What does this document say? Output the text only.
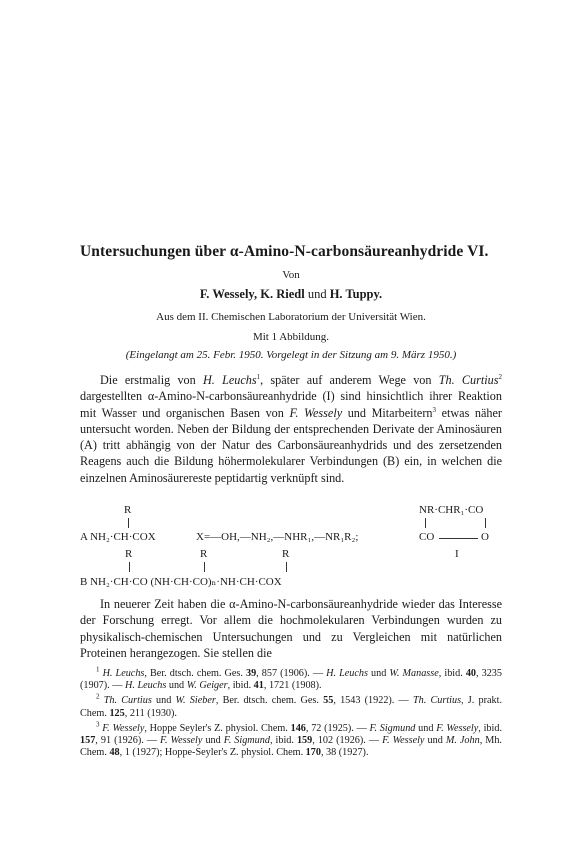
Untersuchungen über α-Amino-N-carbonsäureanhydride VI.
Von
F. Wessely, K. Riedl und H. Tuppy.
Aus dem II. Chemischen Laboratorium der Universität Wien.
Mit 1 Abbildung.
(Eingelangt am 25. Febr. 1950. Vorgelegt in der Sitzung am 9. März 1950.)

Die erstmalig von H. Leuchs$^1$, später auf anderem Wege von Th. Curtius$^2$ dargestellten α-Amino-N-carbonsäureanhydride (I) sind hinsichtlich ihrer Reaktion mit Wasser und organischen Basen von F. Wessely und Mitarbeitern$^3$ etwas näher untersucht worden. Neben der Bildung der entsprechenden Derivate der Aminosäuren (A) tritt abhängig von der Natur des Carbonsäureanhydrids und des zersetzenden Reagens auch die Bildung höhermolekularer Verbindungen (B) ein, in welchen die einzelnen Aminosäurereste peptidartig verknüpft sind.

R
A NH₂·CH·COX	X=—OH,—NH₂,—NHR₁,—NR₁R₂;
NR·CHR₁·CO
CO	O
I
R	R	R
B NH₂·CH·CO (NH·CH·CO)ₙ·NH·CH·COX

In neuerer Zeit haben die α-Amino-N-carbonsäureanhydride wieder das Interesse der Forschung erregt. Vor allem die hochmolekularen Verbindungen wurden zu physikalisch-chemischen Untersuchungen und zu Vergleichen mit natürlichen Proteinen herangezogen. Sie stellen die

$^1$ H. Leuchs, Ber. dtsch. chem. Ges. 39, 857 (1906). — H. Leuchs und W. Manasse, ibid. 40, 3235 (1907). — H. Leuchs und W. Geiger, ibid. 41, 1721 (1908).

$^2$ Th. Curtius und W. Sieber, Ber. dtsch. chem. Ges. 55, 1543 (1922). — Th. Curtius, J. prakt. Chem. 125, 211 (1930).

$^3$ F. Wessely, Hoppe Seyler's Z. physiol. Chem. 146, 72 (1925). — F. Sigmund und F. Wessely, ibid. 157, 91 (1926). — F. Wessely und F. Sigmund, ibid. 159, 102 (1926). — F. Wessely und M. John, Mh. Chem. 48, 1 (1927); Hoppe-Seyler's Z. physiol. Chem. 170, 38 (1927).
